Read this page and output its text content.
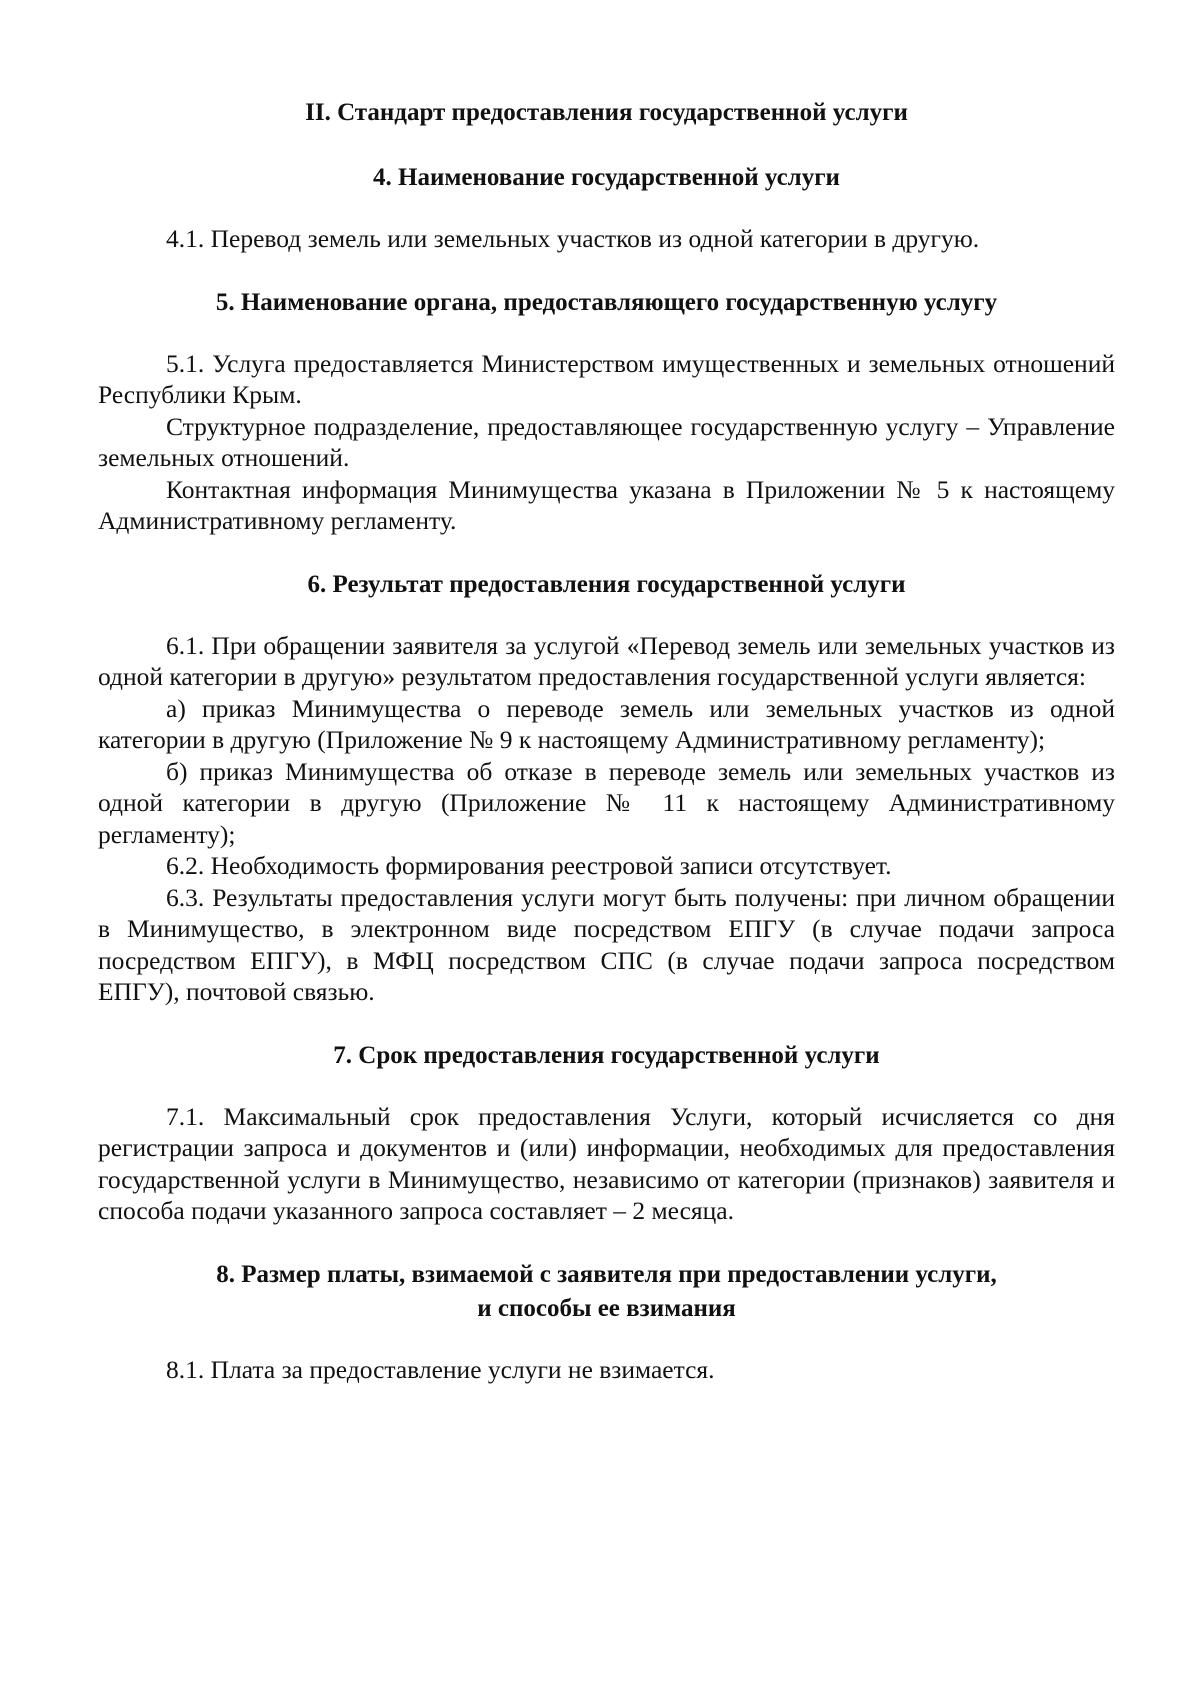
II. Стандарт предоставления государственной услуги
4. Наименование государственной услуги

4.1. Перевод земель или земельных участков из одной категории в другую.

5. Наименование органа, предоставляющего государственную услугу

5.1. Услуга предоставляется Министерством имущественных и земельных отношений Республики Крым.

Структурное подразделение, предоставляющее государственную услугу – Управление земельных отношений.

Контактная информация Минимущества указана в Приложении № 5 к настоящему Административному регламенту.

6. Результат предоставления государственной услуги

6.1. При обращении заявителя за услугой «Перевод земель или земельных участков из одной категории в другую» результатом предоставления государственной услуги является:

а) приказ Минимущества о переводе земель или земельных участков из одной категории в другую (Приложение № 9 к настоящему Административному регламенту);

б) приказ Минимущества об отказе в переводе земель или земельных участков из одной категории в другую (Приложение № 11 к настоящему Административному регламенту);

6.2. Необходимость формирования реестровой записи отсутствует.

6.3. Результаты предоставления услуги могут быть получены: при личном обращении в Минимущество, в электронном виде посредством ЕПГУ (в случае подачи запроса посредством ЕПГУ), в МФЦ посредством СПС (в случае подачи запроса посредством ЕПГУ), почтовой связью.

7. Срок предоставления государственной услуги

7.1. Максимальный срок предоставления Услуги, который исчисляется со дня регистрации запроса и документов и (или) информации, необходимых для предоставления государственной услуги в Минимущество, независимо от категории (признаков) заявителя и способа подачи указанного запроса составляет – 2 месяца.

8. Размер платы, взимаемой с заявителя при предоставлении услуги,
и способы ее взимания

8.1. Плата за предоставление услуги не взимается.
